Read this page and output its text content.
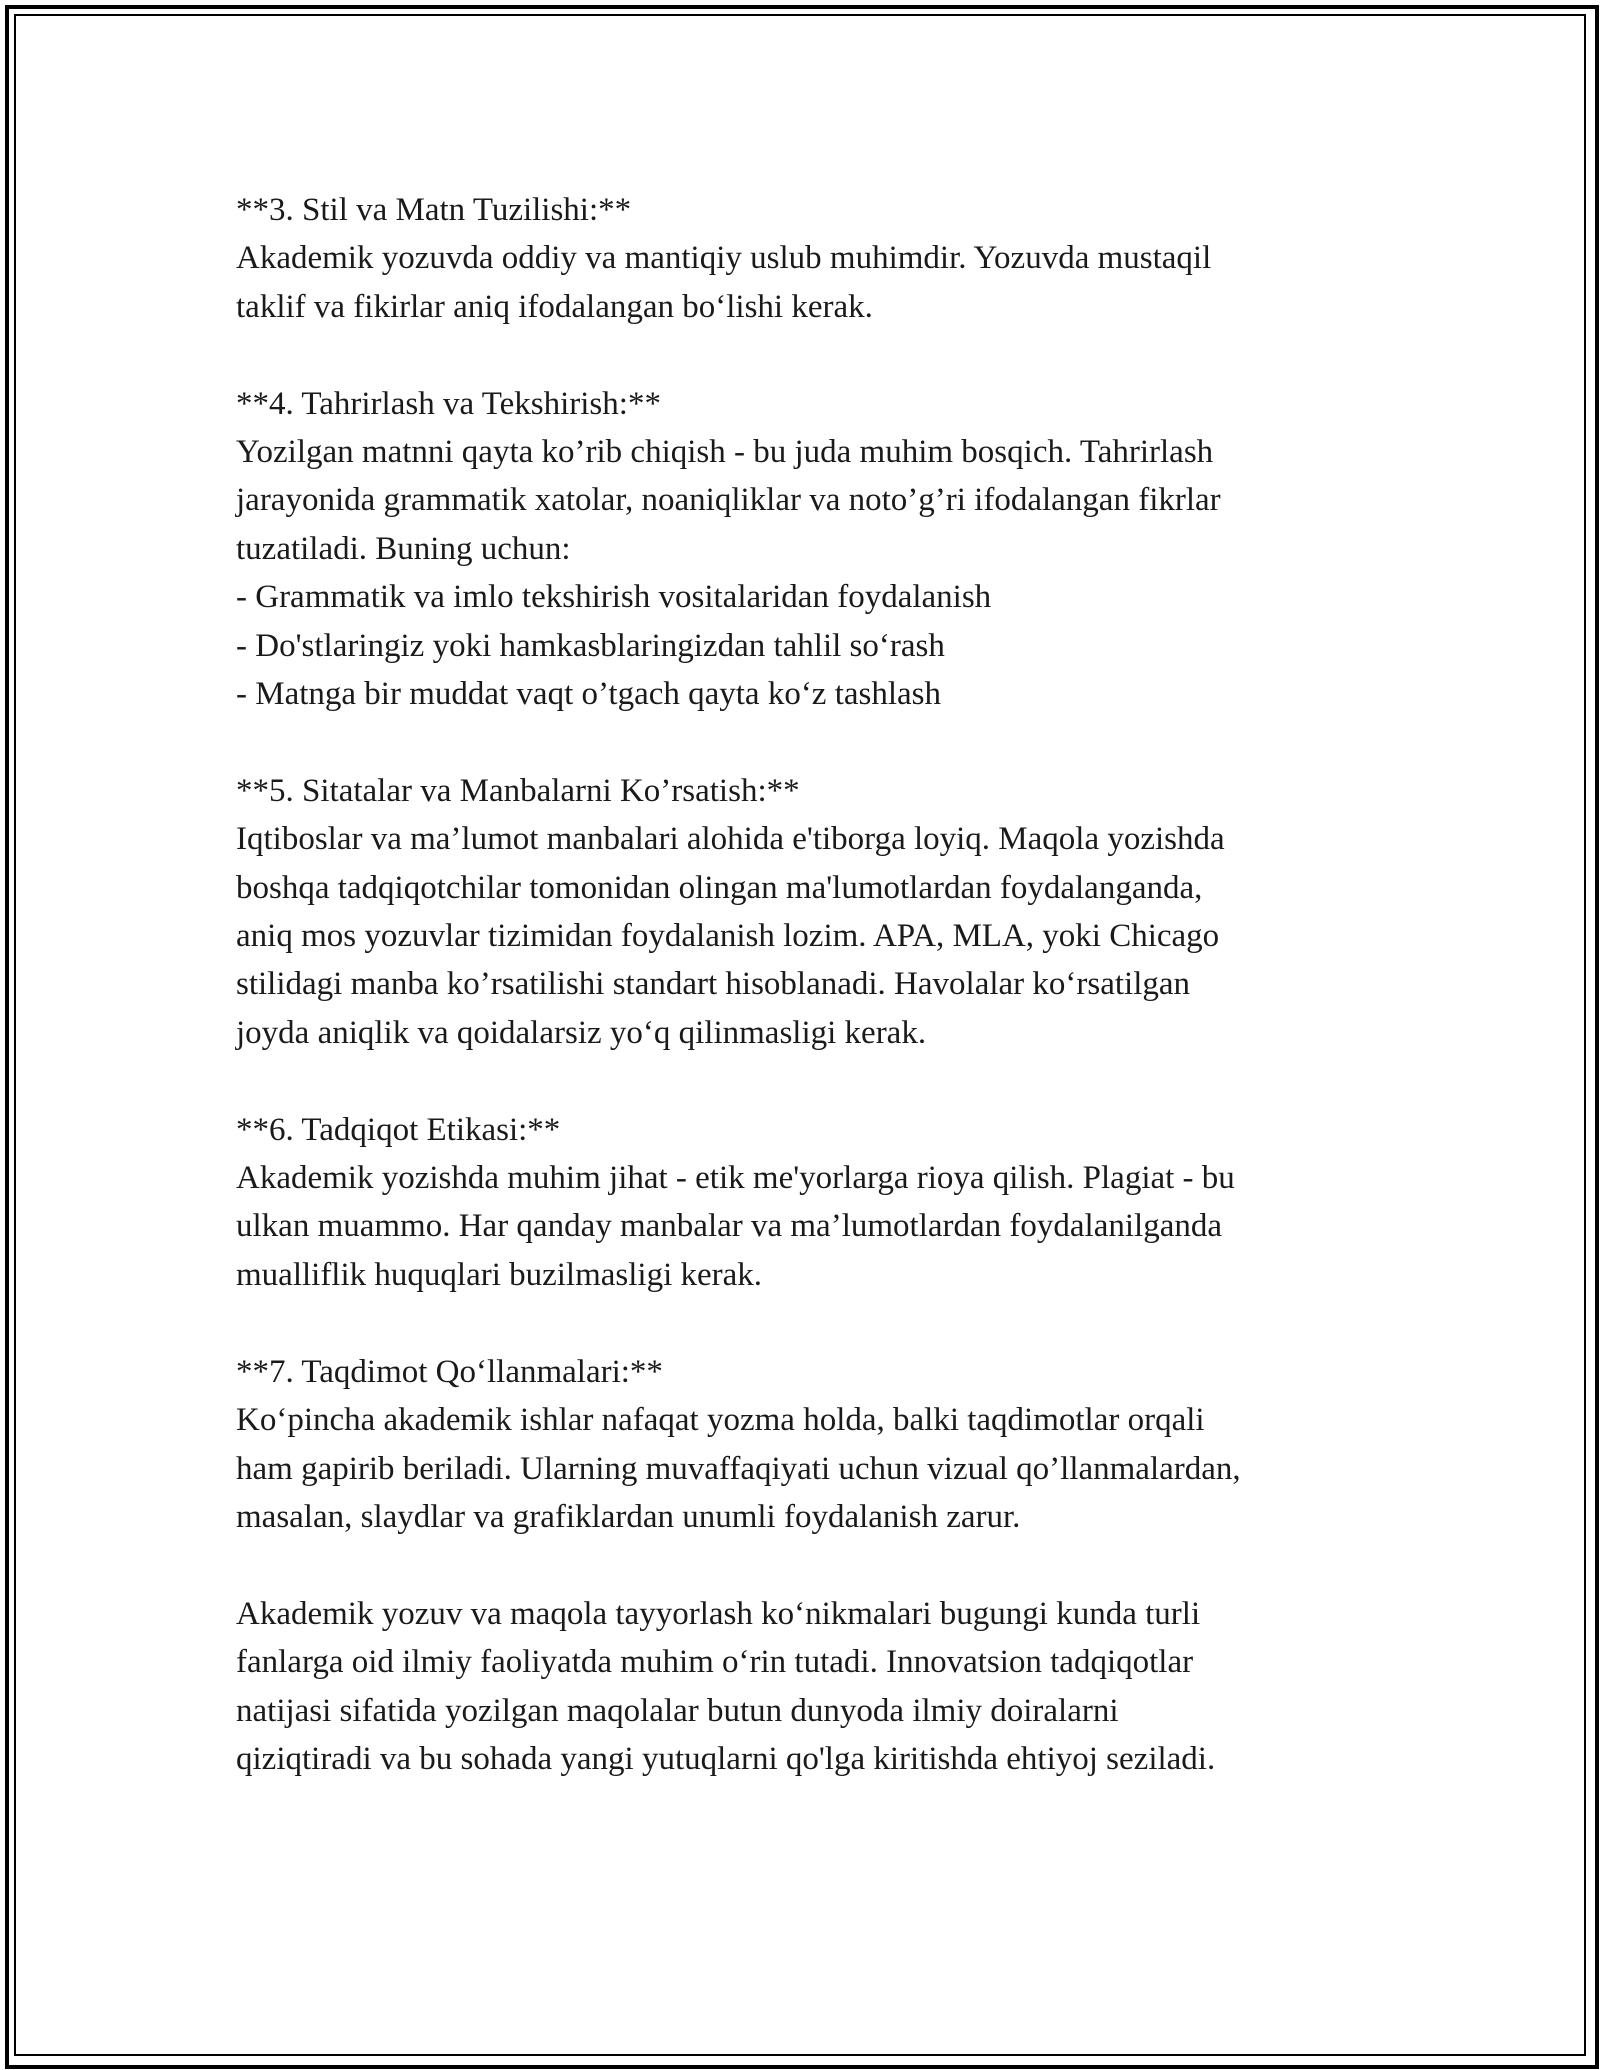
**3. Stil va Matn Tuzilishi:**
Akademik yozuvda oddiy va mantiqiy uslub muhimdir. Yozuvda mustaqil
taklif va fikirlar aniq ifodalangan bo‘lishi kerak.
**4. Tahrirlash va Tekshirish:**
Yozilgan matnni qayta ko’rib chiqish - bu juda muhim bosqich. Tahrirlash
jarayonida grammatik xatolar, noaniqliklar va noto’g’ri ifodalangan fikrlar
tuzatiladi. Buning uchun:
- Grammatik va imlo tekshirish vositalaridan foydalanish
- Do'stlaringiz yoki hamkasblaringizdan tahlil so‘rash
- Matnga bir muddat vaqt o’tgach qayta ko‘z tashlash
**5. Sitatalar va Manbalarni Ko’rsatish:**
Iqtiboslar va ma’lumot manbalari alohida e'tiborga loyiq. Maqola yozishda
boshqa tadqiqotchilar tomonidan olingan ma'lumotlardan foydalanganda,
aniq mos yozuvlar tizimidan foydalanish lozim. APA, MLA, yoki Chicago
stilidagi manba ko’rsatilishi standart hisoblanadi. Havolalar ko‘rsatilgan
joyda aniqlik va qoidalarsiz yo‘q qilinmasligi kerak.
**6. Tadqiqot Etikasi:**
Akademik yozishda muhim jihat - etik me'yorlarga rioya qilish. Plagiat - bu
ulkan muammo. Har qanday manbalar va ma’lumotlardan foydalanilganda
mualliflik huquqlari buzilmasligi kerak.
**7. Taqdimot Qo‘llanmalari:**
Ko‘pincha akademik ishlar nafaqat yozma holda, balki taqdimotlar orqali
ham gapirib beriladi. Ularning muvaffaqiyati uchun vizual qo’llanmalardan,
masalan, slaydlar va grafiklardan unumli foydalanish zarur.
Akademik yozuv va maqola tayyorlash ko‘nikmalari bugungi kunda turli
fanlarga oid ilmiy faoliyatda muhim o‘rin tutadi. Innovatsion tadqiqotlar
natijasi sifatida yozilgan maqolalar butun dunyoda ilmiy doiralarni
qiziqtiradi va bu sohada yangi yutuqlarni qo'lga kiritishda ehtiyoj seziladi.
